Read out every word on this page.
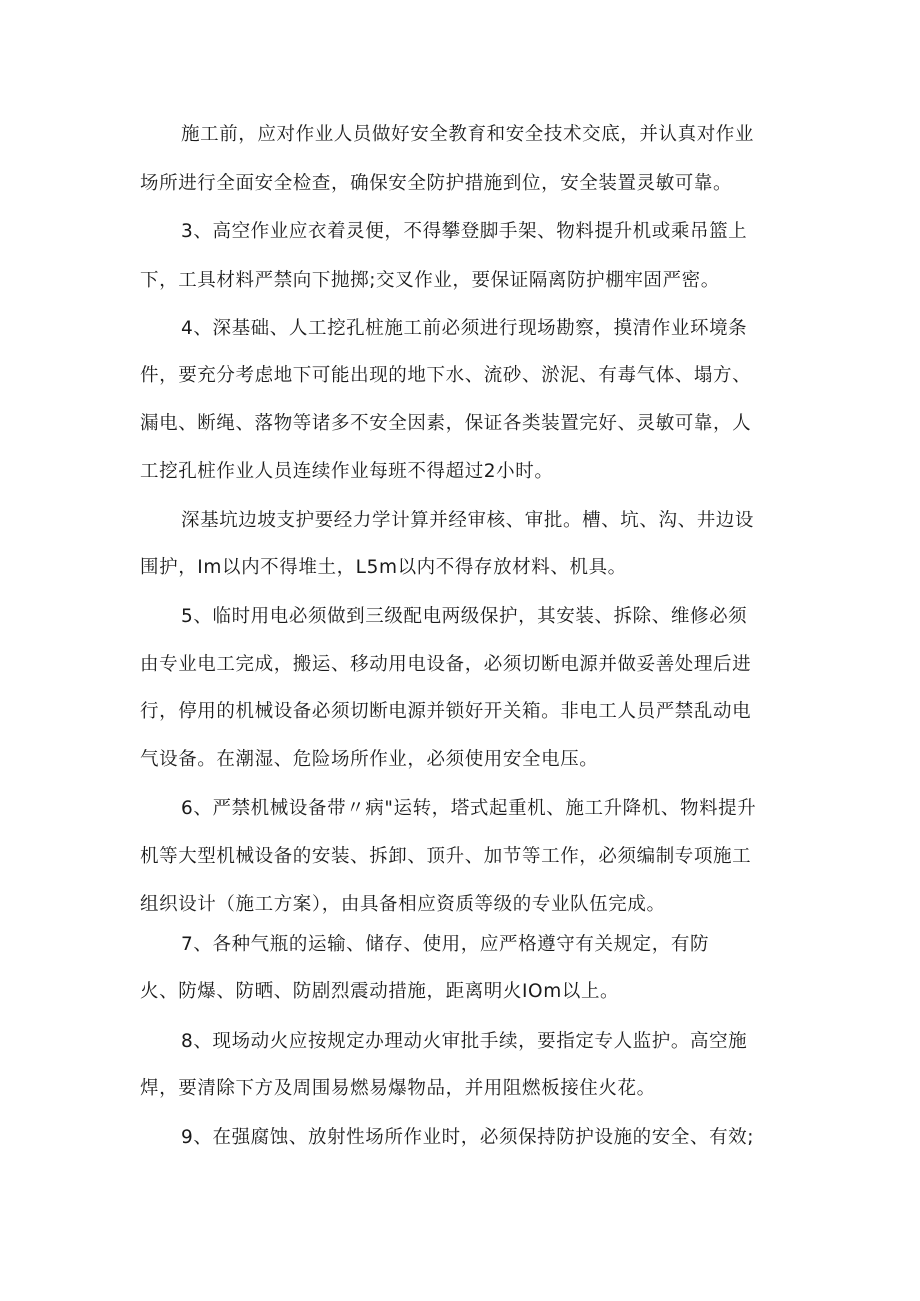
施工前，应对作业人员做好安全教育和安全技术交底，并认真对作业
场所进行全面安全检查，确保安全防护措施到位，安全装置灵敏可靠。
3、高空作业应衣着灵便，不得攀登脚手架、物料提升机或乘吊篮上
下，工具材料严禁向下抛掷;交叉作业，要保证隔离防护棚牢固严密。
4、深基础、人工挖孔桩施工前必须进行现场勘察，摸清作业环境条
件，要充分考虑地下可能出现的地下水、流砂、淤泥、有毒气体、塌方、
漏电、断绳、落物等诸多不安全因素，保证各类装置完好、灵敏可靠，人
工挖孔桩作业人员连续作业每班不得超过2小时。
深基坑边坡支护要经力学计算并经审核、审批。槽、坑、沟、井边设
围护，Im以内不得堆土，L5m以内不得存放材料、机具。
5、临时用电必须做到三级配电两级保护，其安装、拆除、维修必须
由专业电工完成，搬运、移动用电设备，必须切断电源并做妥善处理后进
行，停用的机械设备必须切断电源并锁好开关箱。非电工人员严禁乱动电
气设备。在潮湿、危险场所作业，必须使用安全电压。
6、严禁机械设备带〃病"运转，塔式起重机、施工升降机、物料提升
机等大型机械设备的安装、拆卸、顶升、加节等工作，必须编制专项施工
组织设计（施工方案），由具备相应资质等级的专业队伍完成。
7、各种气瓶的运输、储存、使用，应严格遵守有关规定，有防
火、防爆、防晒、防剧烈震动措施，距离明火IOm以上。
8、现场动火应按规定办理动火审批手续，要指定专人监护。高空施
焊，要清除下方及周围易燃易爆物品，并用阻燃板接住火花。
9、在强腐蚀、放射性场所作业时，必须保持防护设施的安全、有效;
